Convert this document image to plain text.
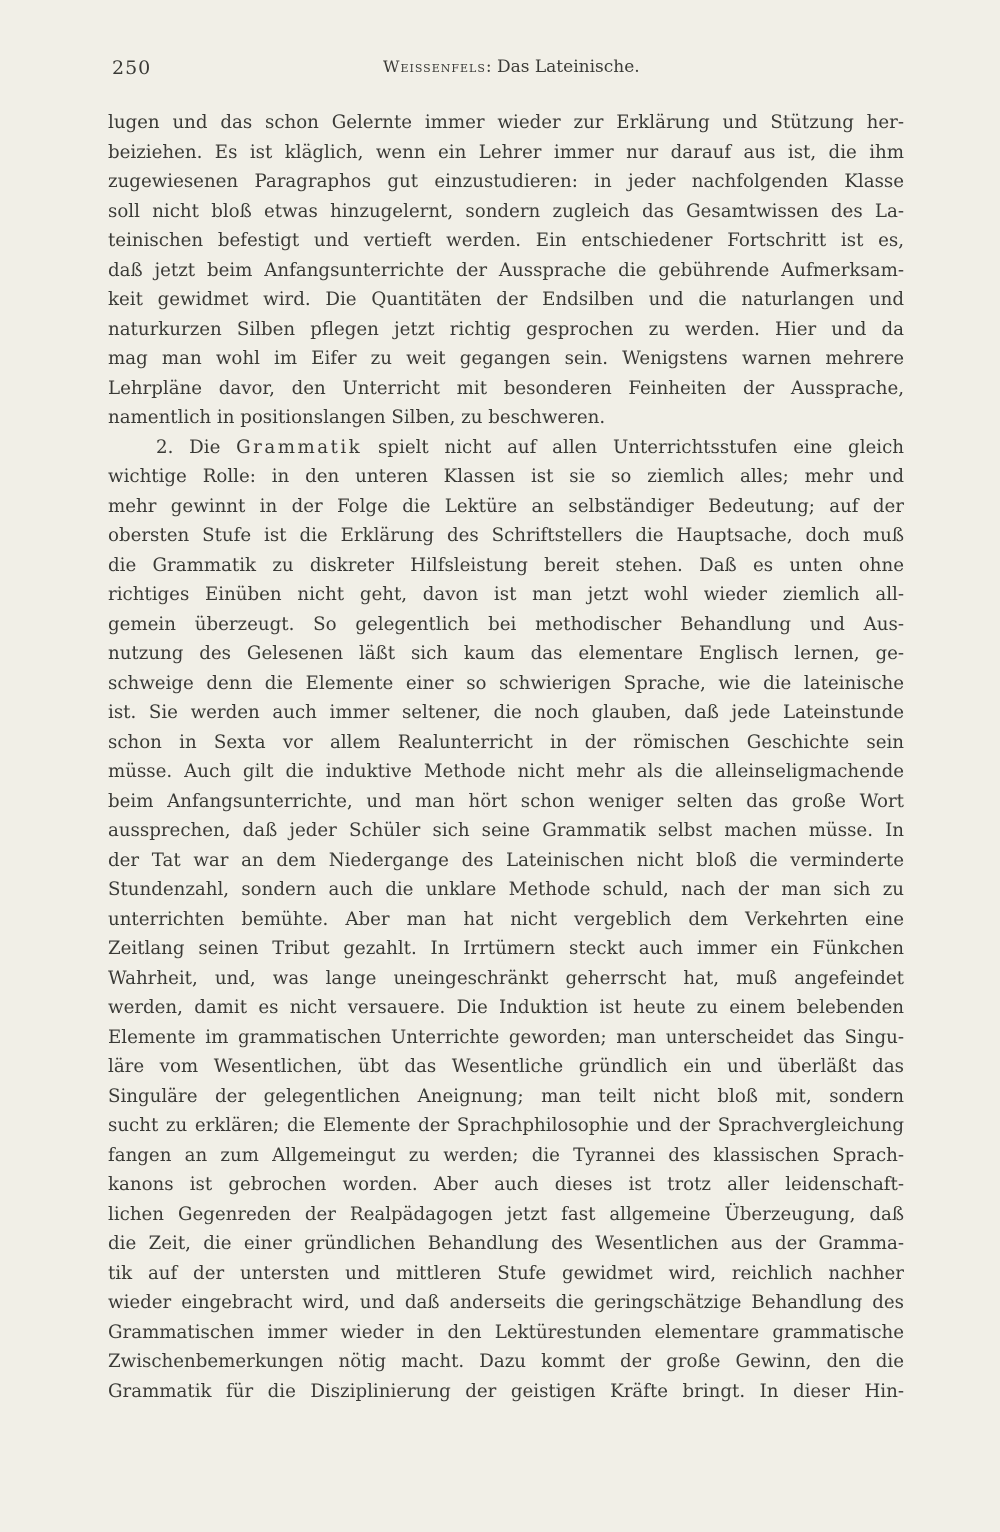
250	Weissenfels: Das Lateinische.
lugen und das schon Gelernte immer wieder zur Erklärung und Stützung her-
beiziehen. Es ist kläglich, wenn ein Lehrer immer nur darauf aus ist, die ihm
zugewiesenen Paragraphos gut einzustudieren: in jeder nachfolgenden Klasse
soll nicht bloß etwas hinzugelernt, sondern zugleich das Gesamtwissen des La-
teinischen befestigt und vertieft werden. Ein entschiedener Fortschritt ist es,
daß jetzt beim Anfangsunterrichte der Aussprache die gebührende Aufmerksam-
keit gewidmet wird. Die Quantitäten der Endsilben und die naturlangen und
naturkurzen Silben pflegen jetzt richtig gesprochen zu werden. Hier und da
mag man wohl im Eifer zu weit gegangen sein. Wenigstens warnen mehrere
Lehrpläne davor, den Unterricht mit besonderen Feinheiten der Aussprache,
namentlich in positionslangen Silben, zu beschweren.
2. Die Grammatik spielt nicht auf allen Unterrichtsstufen eine gleich
wichtige Rolle: in den unteren Klassen ist sie so ziemlich alles; mehr und
mehr gewinnt in der Folge die Lektüre an selbständiger Bedeutung; auf der
obersten Stufe ist die Erklärung des Schriftstellers die Hauptsache, doch muß
die Grammatik zu diskreter Hilfsleistung bereit stehen. Daß es unten ohne
richtiges Einüben nicht geht, davon ist man jetzt wohl wieder ziemlich all-
gemein überzeugt. So gelegentlich bei methodischer Behandlung und Aus-
nutzung des Gelesenen läßt sich kaum das elementare Englisch lernen, ge-
schweige denn die Elemente einer so schwierigen Sprache, wie die lateinische
ist. Sie werden auch immer seltener, die noch glauben, daß jede Lateinstunde
schon in Sexta vor allem Realunterricht in der römischen Geschichte sein
müsse. Auch gilt die induktive Methode nicht mehr als die alleinseligmachende
beim Anfangsunterrichte, und man hört schon weniger selten das große Wort
aussprechen, daß jeder Schüler sich seine Grammatik selbst machen müsse. In
der Tat war an dem Niedergange des Lateinischen nicht bloß die verminderte
Stundenzahl, sondern auch die unklare Methode schuld, nach der man sich zu
unterrichten bemühte. Aber man hat nicht vergeblich dem Verkehrten eine
Zeitlang seinen Tribut gezahlt. In Irrtümern steckt auch immer ein Fünkchen
Wahrheit, und, was lange uneingeschränkt geherrscht hat, muß angefeindet
werden, damit es nicht versauere. Die Induktion ist heute zu einem belebenden
Elemente im grammatischen Unterrichte geworden; man unterscheidet das Singu-
läre vom Wesentlichen, übt das Wesentliche gründlich ein und überläßt das
Singuläre der gelegentlichen Aneignung; man teilt nicht bloß mit, sondern
sucht zu erklären; die Elemente der Sprachphilosophie und der Sprachvergleichung
fangen an zum Allgemeingut zu werden; die Tyrannei des klassischen Sprach-
kanons ist gebrochen worden. Aber auch dieses ist trotz aller leidenschaft-
lichen Gegenreden der Realpädagogen jetzt fast allgemeine Überzeugung, daß
die Zeit, die einer gründlichen Behandlung des Wesentlichen aus der Gramma-
tik auf der untersten und mittleren Stufe gewidmet wird, reichlich nachher
wieder eingebracht wird, und daß anderseits die geringschätzige Behandlung des
Grammatischen immer wieder in den Lektürestunden elementare grammatische
Zwischenbemerkungen nötig macht. Dazu kommt der große Gewinn, den die
Grammatik für die Disziplinierung der geistigen Kräfte bringt. In dieser Hin-
